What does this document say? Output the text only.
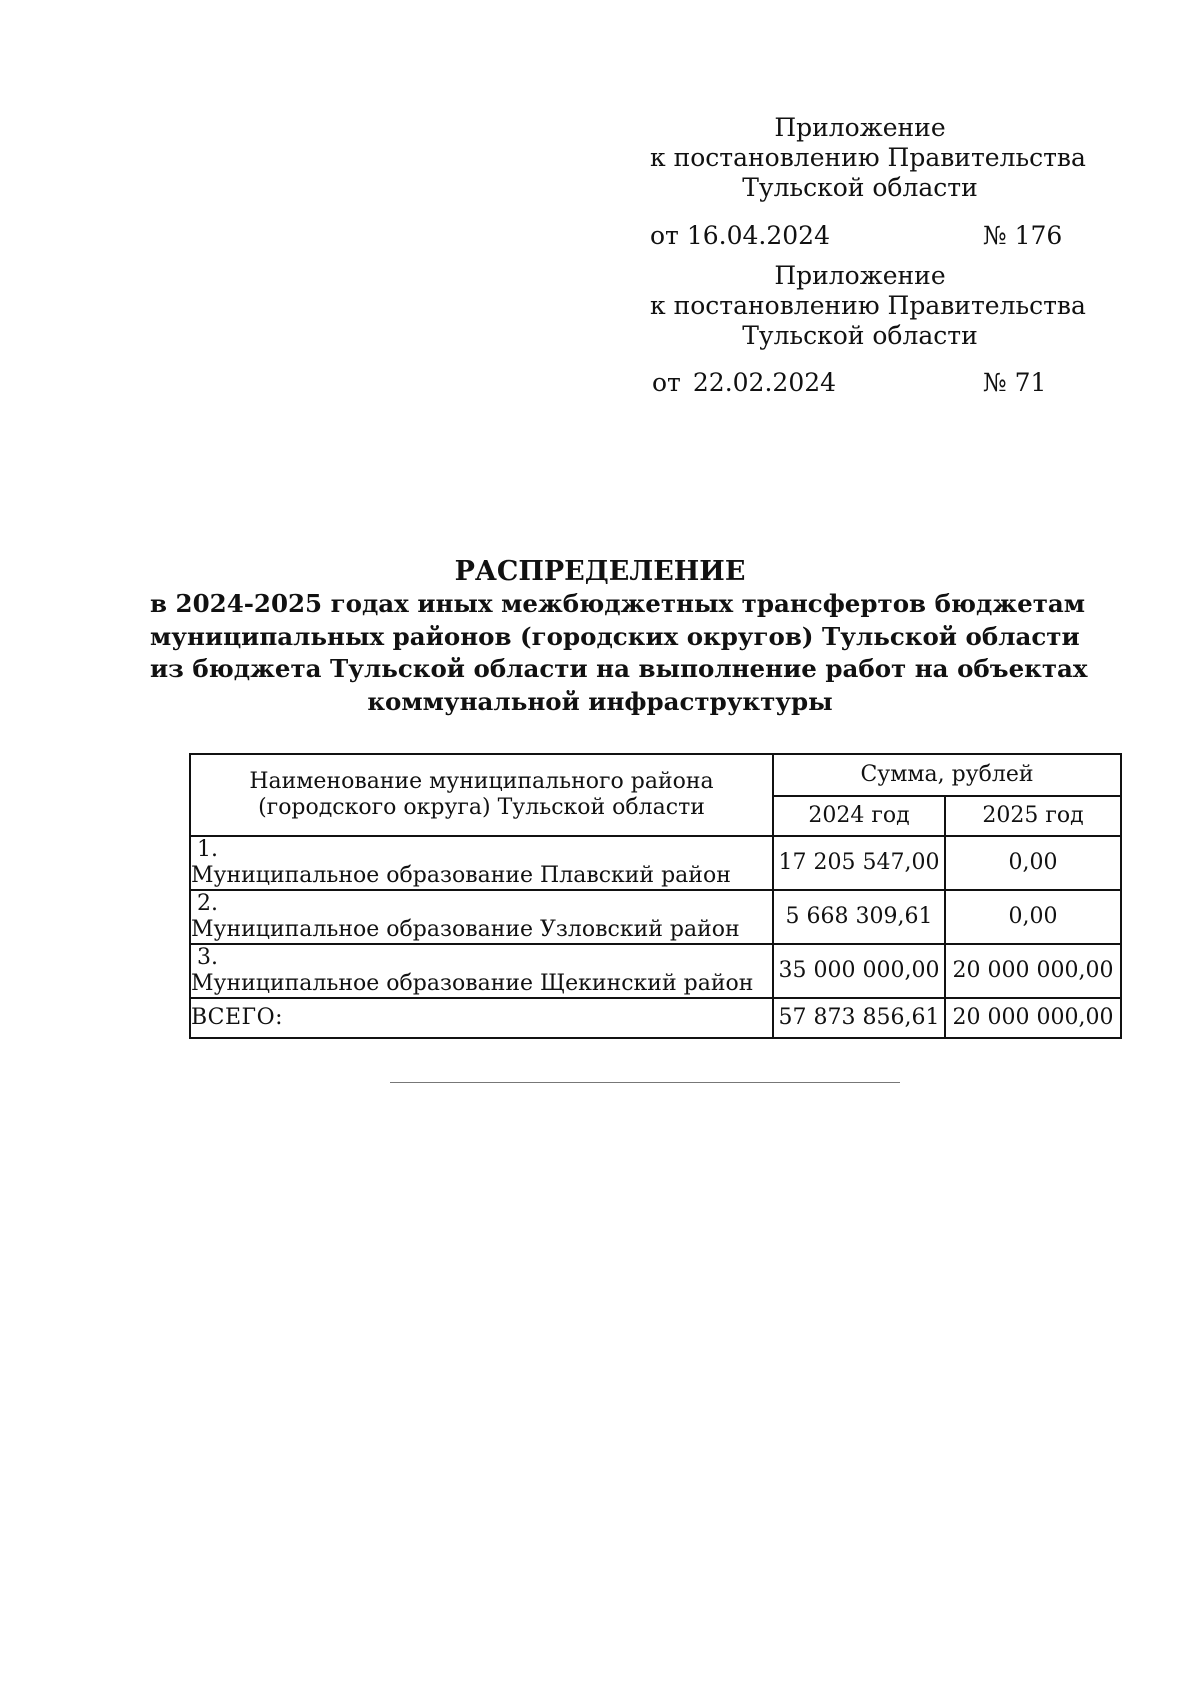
Приложение
к постановлению Правительства
Тульской области
от 16.04.2024	№ 176
Приложение
к постановлению Правительства
Тульской области
от 22.02.2024	№ 71
РАСПРЕДЕЛЕНИЕ
в 2024-2025 годах иных межбюджетных трансфертов бюджетам
муниципальных районов (городских округов) Тульской области
из бюджета Тульской области на выполнение работ на объектах
коммунальной инфраструктуры
Наименование муниципального района
(городского округа) Тульской области	Сумма, рублей	
	2024 год	2025 год
1.Муниципальное образование Плавский район	17 205 547,00	0,00
2.Муниципальное образование Узловский район	5 668 309,61	0,00
3.Муниципальное образование Щекинский район	35 000 000,00	20 000 000,00
ВСЕГО:	57 873 856,61	20 000 000,00
